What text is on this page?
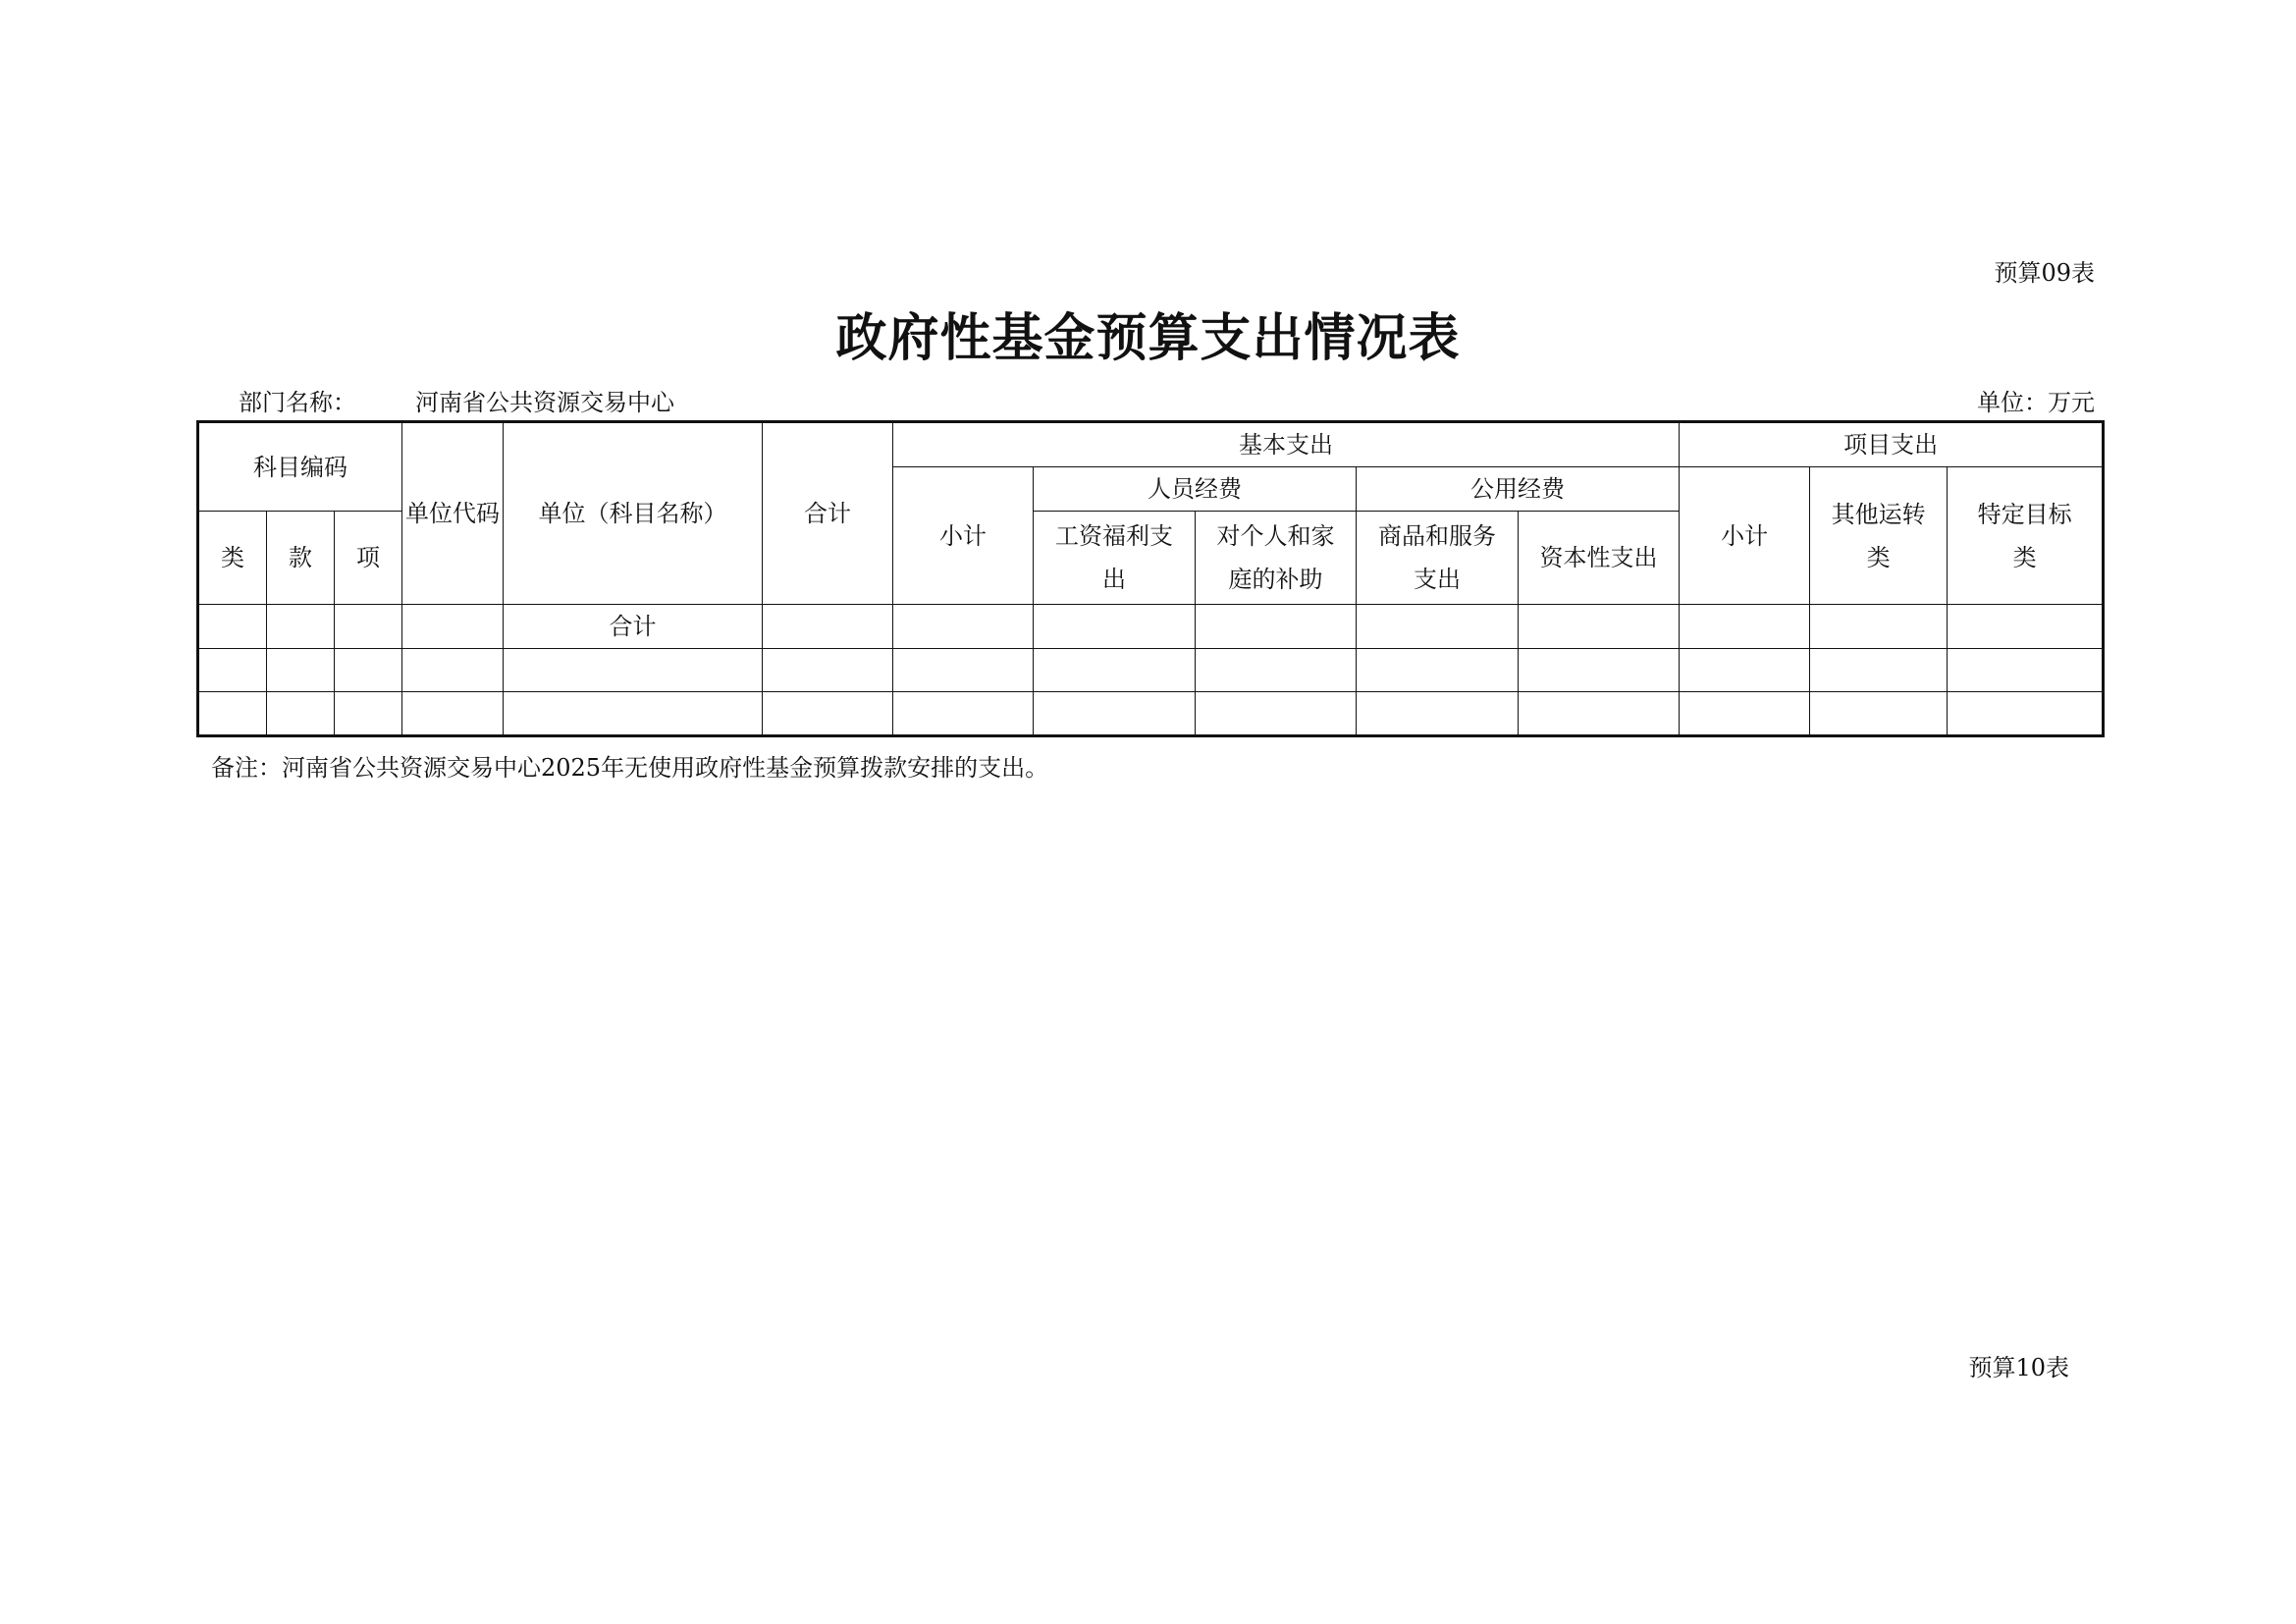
预算09表
政府性基金预算支出情况表
部门名称：	河南省公共资源交易中心	单位：万元
科目编码			单位代码	单位（科目名称）	合计	基本支出					项目支出		
						小计	人员经费		公用经费		小计	其他运转类	特定目标类
类	款	项					工资福利支出	对个人和家庭的补助	商品和服务支出	资本性支出			
				合计									

备注：河南省公共资源交易中心2025年无使用政府性基金预算拨款安排的支出。
预算10表
